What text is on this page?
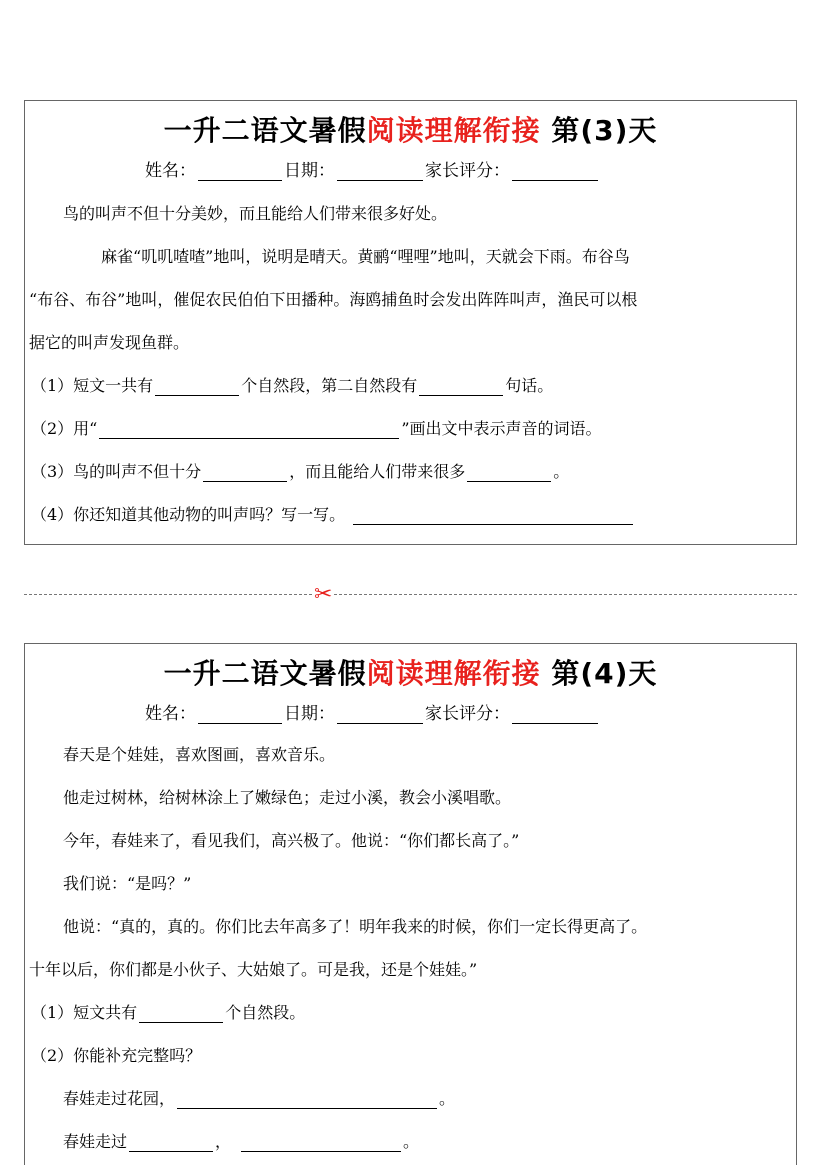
一升二语文暑假阅读理解衔接 第(3)天
姓名：	日期：	家长评分：
鸟的叫声不但十分美妙，而且能给人们带来很多好处。
麻雀“叽叽喳喳”地叫，说明是晴天。黄鹂“哩哩”地叫，天就会下雨。布谷鸟
“布谷、布谷”地叫，催促农民伯伯下田播种。海鸥捕鱼时会发出阵阵叫声，渔民可以根
据它的叫声发现鱼群。
（1）短文一共有	个自然段，第二自然段有	句话。
（2）用“	”画出文中表示声音的词语。
（3）鸟的叫声不但十分	，而且能给人们带来很多	。
（4）你还知道其他动物的叫声吗？写一写。
✂
一升二语文暑假阅读理解衔接 第(4)天
姓名：	日期：	家长评分：
春天是个娃娃，喜欢图画，喜欢音乐。
他走过树林，给树林涂上了嫩绿色；走过小溪，教会小溪唱歌。
今年，春娃来了，看见我们，高兴极了。他说：“你们都长高了。”
我们说：“是吗？”
他说：“真的，真的。你们比去年高多了！明年我来的时候，你们一定长得更高了。
十年以后，你们都是小伙子、大姑娘了。可是我，还是个娃娃。”
（1）短文共有	个自然段。
（2）你能补充完整吗？
春娃走过花园，	。
春娃走过	，	。
